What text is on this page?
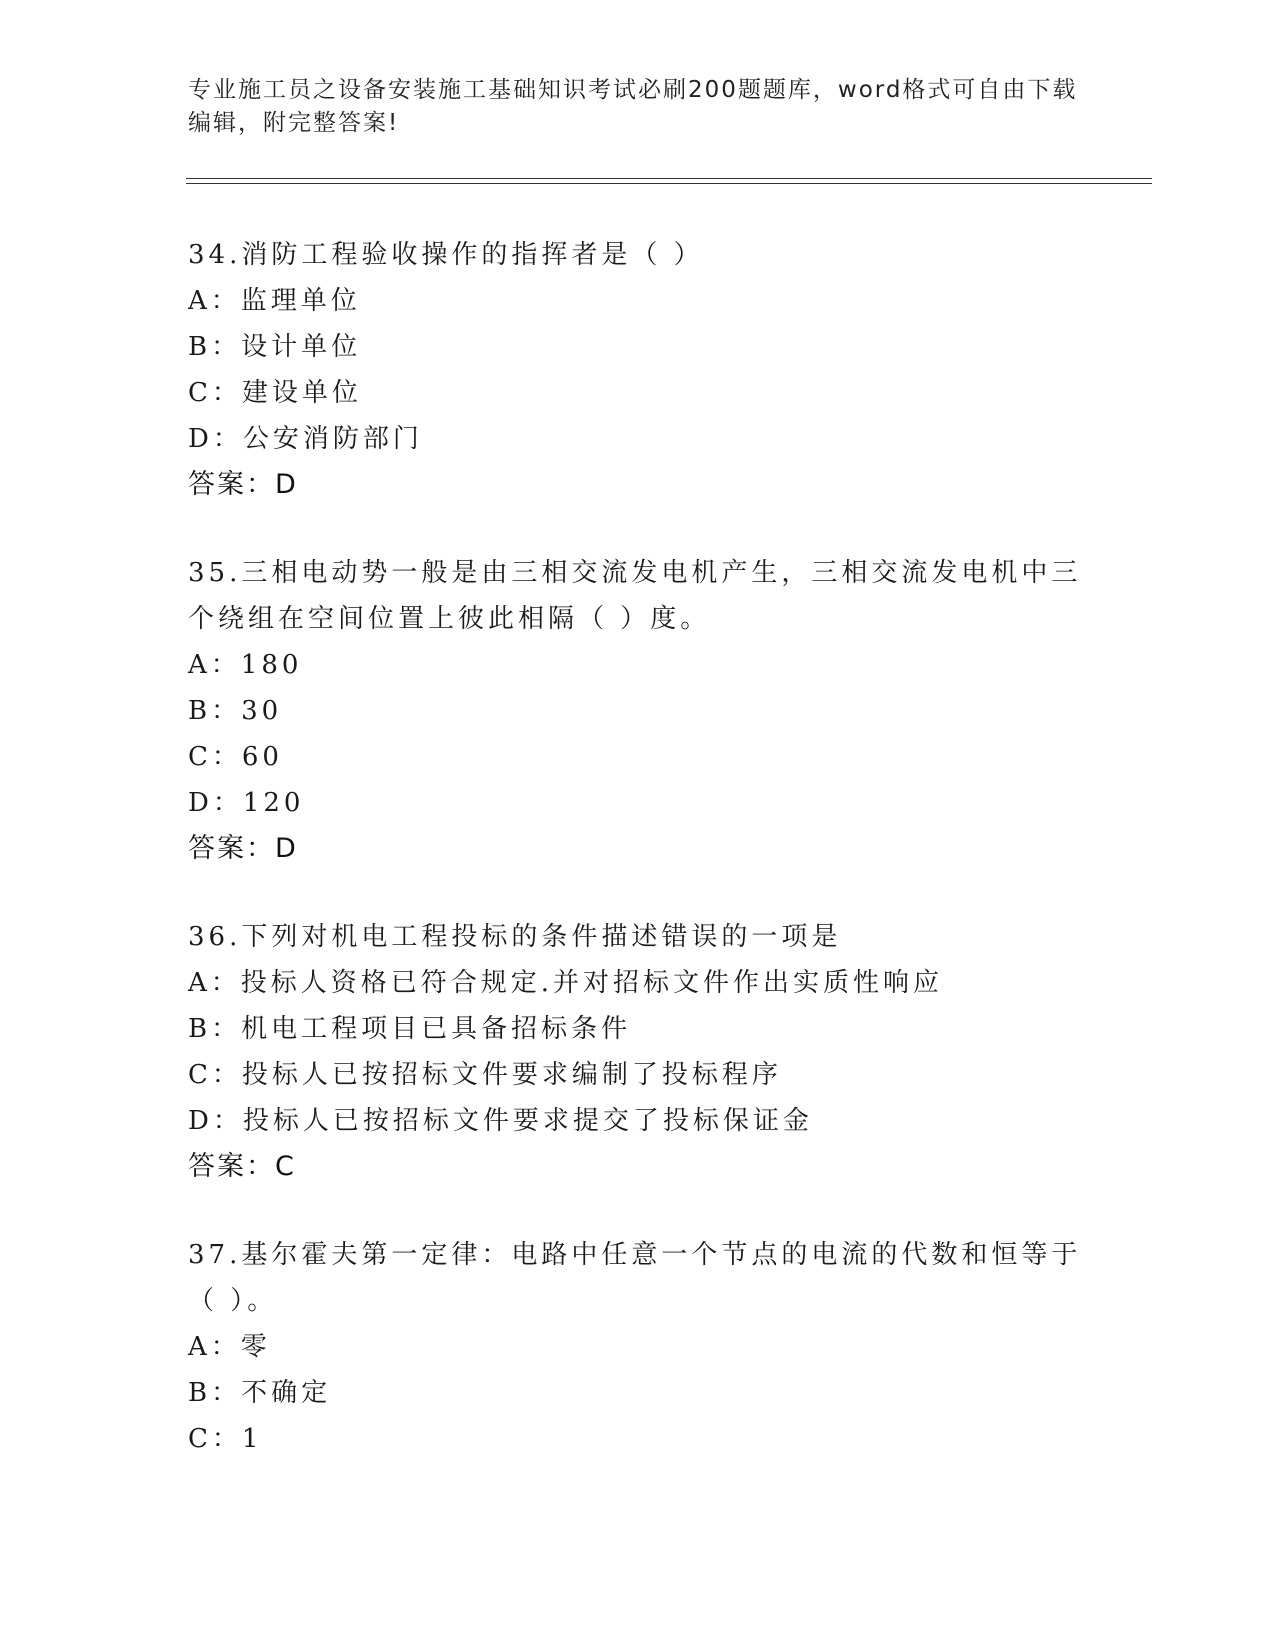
专业施工员之设备安装施工基础知识考试必刷200题题库，word格式可自由下载编辑，附完整答案!

34.消防工程验收操作的指挥者是（ ）

A：监理单位

B：设计单位

C：建设单位

D：公安消防部门

答案：D

35.三相电动势一般是由三相交流发电机产生，三相交流发电机中三个绕组在空间位置上彼此相隔（ ）度。

A：180

B：30

C：60

D：120

答案：D

36.下列对机电工程投标的条件描述错误的一项是

A：投标人资格已符合规定.并对招标文件作出实质性响应

B：机电工程项目已具备招标条件

C：投标人已按招标文件要求编制了投标程序

D：投标人已按招标文件要求提交了投标保证金

答案：C

37.基尔霍夫第一定律：电路中任意一个节点的电流的代数和恒等于（ ）。

A：零

B：不确定

C：1
